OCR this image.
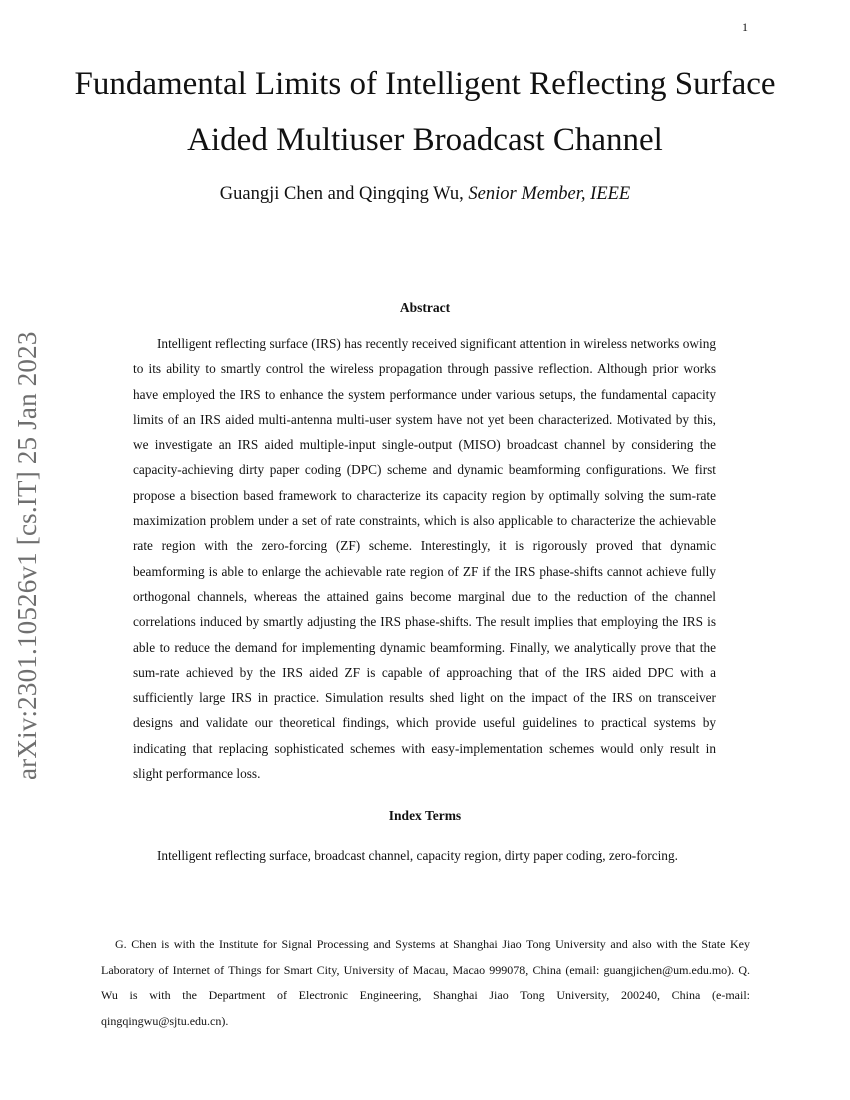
1
arXiv:2301.10526v1 [cs.IT] 25 Jan 2023
Fundamental Limits of Intelligent Reflecting Surface Aided Multiuser Broadcast Channel
Guangji Chen and Qingqing Wu, Senior Member, IEEE
Abstract

Intelligent reflecting surface (IRS) has recently received significant attention in wireless networks owing to its ability to smartly control the wireless propagation through passive reflection. Although prior works have employed the IRS to enhance the system performance under various setups, the fundamental capacity limits of an IRS aided multi-antenna multi-user system have not yet been characterized. Motivated by this, we investigate an IRS aided multiple-input single-output (MISO) broadcast channel by considering the capacity-achieving dirty paper coding (DPC) scheme and dynamic beamforming configurations. We first propose a bisection based framework to characterize its capacity region by optimally solving the sum-rate maximization problem under a set of rate constraints, which is also applicable to characterize the achievable rate region with the zero-forcing (ZF) scheme. Interestingly, it is rigorously proved that dynamic beamforming is able to enlarge the achievable rate region of ZF if the IRS phase-shifts cannot achieve fully orthogonal channels, whereas the attained gains become marginal due to the reduction of the channel correlations induced by smartly adjusting the IRS phase-shifts. The result implies that employing the IRS is able to reduce the demand for implementing dynamic beamforming. Finally, we analytically prove that the sum-rate achieved by the IRS aided ZF is capable of approaching that of the IRS aided DPC with a sufficiently large IRS in practice. Simulation results shed light on the impact of the IRS on transceiver designs and validate our theoretical findings, which provide useful guidelines to practical systems by indicating that replacing sophisticated schemes with easy-implementation schemes would only result in slight performance loss.

Index Terms

Intelligent reflecting surface, broadcast channel, capacity region, dirty paper coding, zero-forcing.

G. Chen is with the Institute for Signal Processing and Systems at Shanghai Jiao Tong University and also with the State Key Laboratory of Internet of Things for Smart City, University of Macau, Macao 999078, China (email: guangjichen@um.edu.mo). Q. Wu is with the Department of Electronic Engineering, Shanghai Jiao Tong University, 200240, China (e-mail: qingqingwu@sjtu.edu.cn).
